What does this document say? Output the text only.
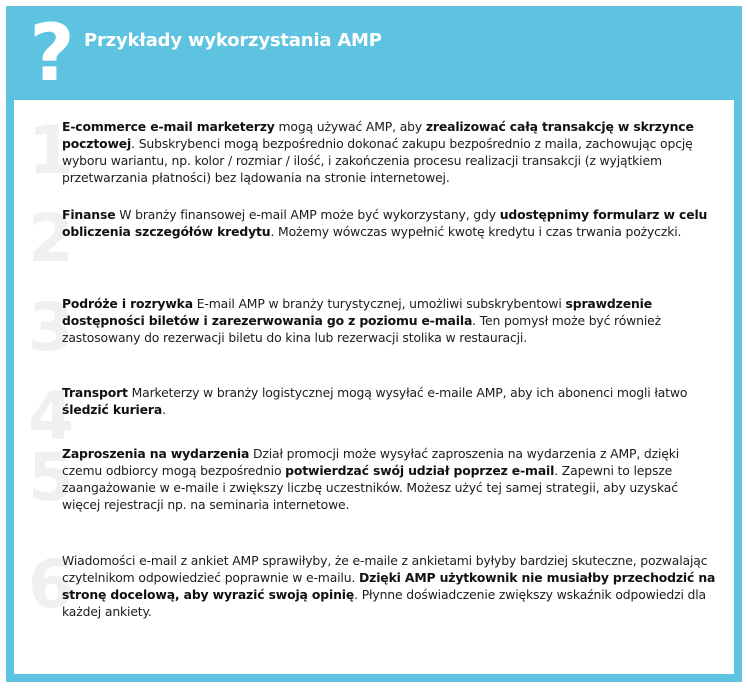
? Przykłady wykorzystania AMP
1
E-commerce e-mail marketerzy mogą używać AMP, aby zrealizować całą transakcję w skrzynce pocztowej. Subskrybenci mogą bezpośrednio dokonać zakupu bezpośrednio z maila, zachowując opcję wyboru wariantu, np. kolor / rozmiar / ilość, i zakończenia procesu realizacji transakcji (z wyjątkiem przetwarzania płatności) bez lądowania na stronie internetowej.
2
Finanse W branży finansowej e-mail AMP może być wykorzystany, gdy udostępnimy formularz w celu obliczenia szczegółów kredytu. Możemy wówczas wypełnić kwotę kredytu i czas trwania pożyczki.
3
Podróże i rozrywka E-mail AMP w branży turystycznej, umożliwi subskrybentowi sprawdzenie dostępności biletów i zarezerwowania go z poziomu e-maila. Ten pomysł może być również zastosowany do rezerwacji biletu do kina lub rezerwacji stolika w restauracji.
4
Transport Marketerzy w branży logistycznej mogą wysyłać e-maile AMP, aby ich abonenci mogli łatwo śledzić kuriera.
5
Zaproszenia na wydarzenia Dział promocji może wysyłać zaproszenia na wydarzenia z AMP, dzięki czemu odbiorcy mogą bezpośrednio potwierdzać swój udział poprzez e-mail. Zapewni to lepsze zaangażowanie w e-maile i zwiększy liczbę uczestników. Możesz użyć tej samej strategii, aby uzyskać więcej rejestracji np. na seminaria internetowe.
6
Wiadomości e-mail z ankiet AMP sprawiłyby, że e-maile z ankietami byłyby bardziej skuteczne, pozwalając czytelnikom odpowiedzieć poprawnie w e-mailu. Dzięki AMP użytkownik nie musiałby przechodzić na stronę docelową, aby wyrazić swoją opinię. Płynne doświadczenie zwiększy wskaźnik odpowiedzi dla każdej ankiety.
